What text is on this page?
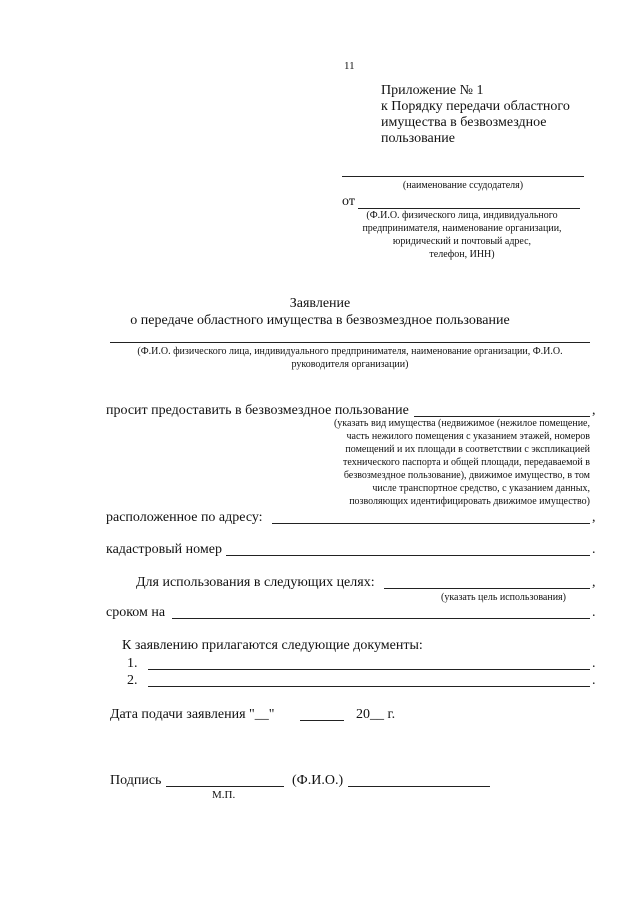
11
Приложение № 1
к Порядку передачи областного
имущества в безвозмездное
пользование
(наименование ссудодателя)
от
(Ф.И.О. физического лица, индивидуального
предпринимателя, наименование организации,
юридический и почтовый адрес,
телефон, ИНН)
Заявление
о передаче областного имущества в безвозмездное пользование
(Ф.И.О. физического лица, индивидуального предпринимателя, наименование организации, Ф.И.О.
руководителя организации)
просит предоставить в безвозмездное пользование	,
(указать вид имущества (недвижимое (нежилое помещение,
часть нежилого помещения с указанием этажей, номеров
помещений и их площади в соответствии с экспликацией
технического паспорта и общей площади, передаваемой в
безвозмездное пользование), движимое имущество, в том
числе транспортное средство, с указанием данных,
позволяющих идентифицировать движимое имущество)
расположенное по адресу:	,
кадастровый номер	.
Для использования в следующих целях:	,
(указать цель использования)
сроком на	.
К заявлению прилагаются следующие документы:
1.	.
2.	.
Дата подачи заявления "__"	20__ г.
Подпись	(Ф.И.О.)
М.П.
